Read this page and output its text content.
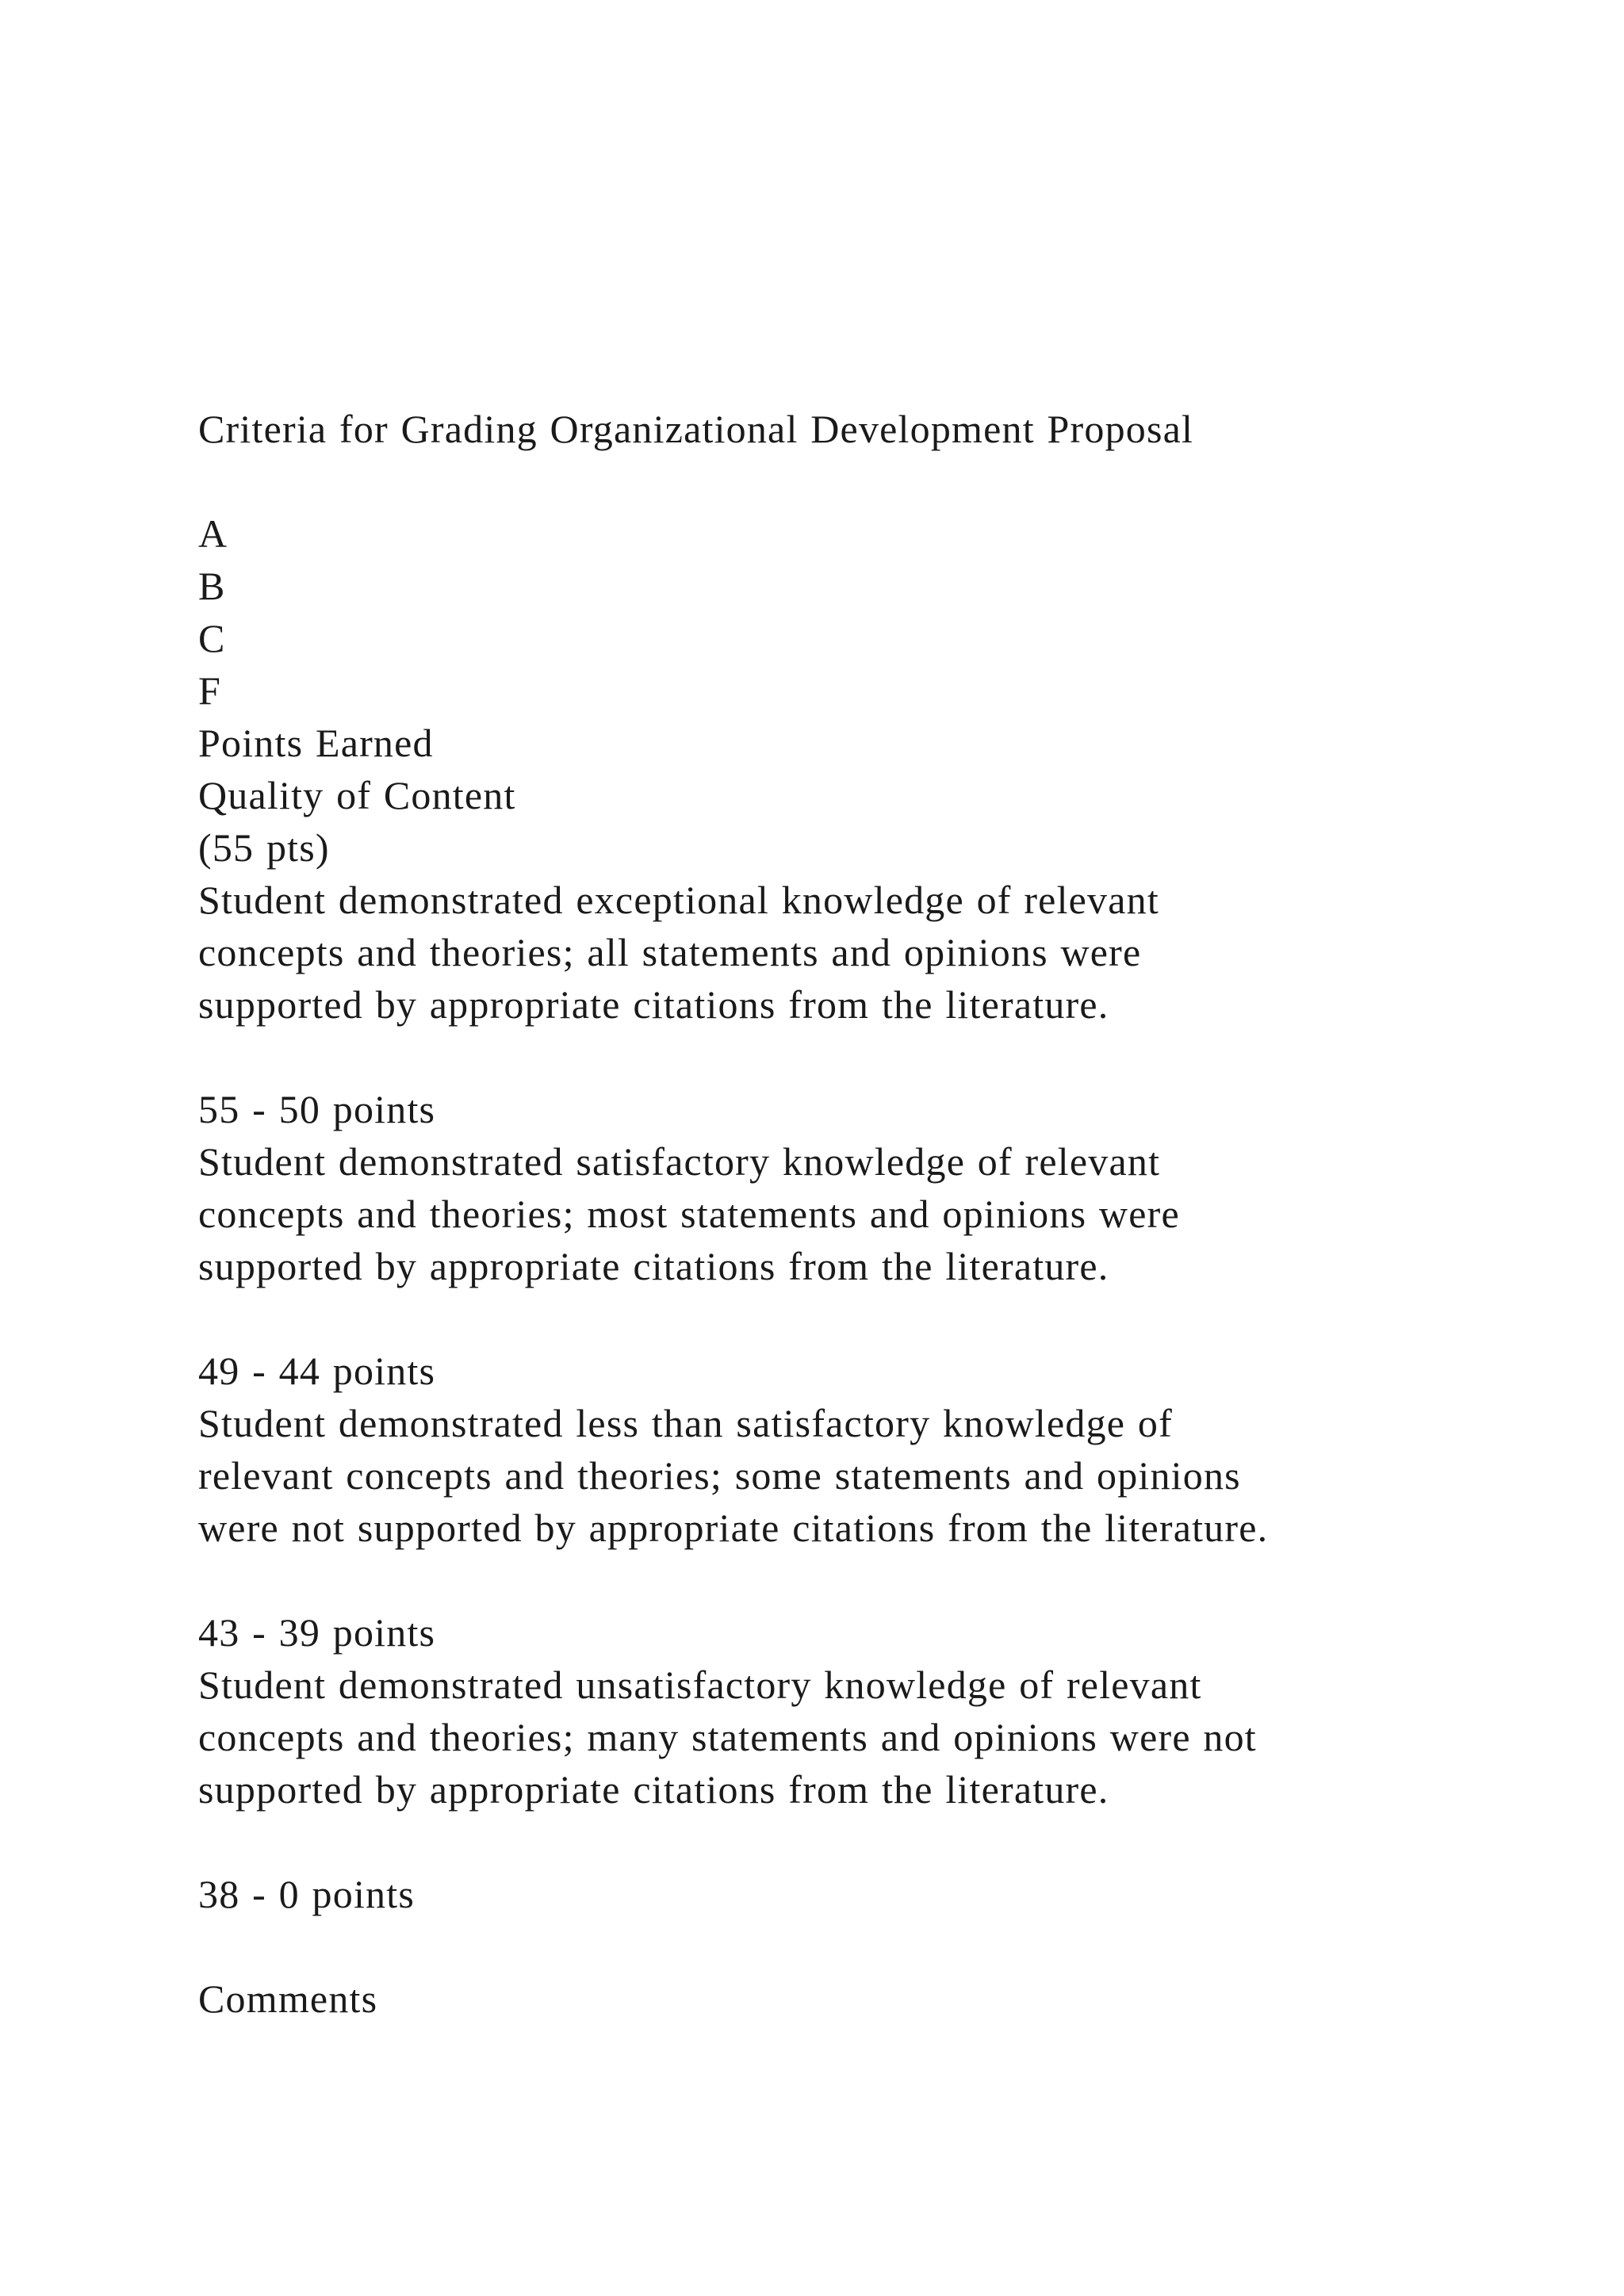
Criteria for Grading Organizational Development Proposal
A
B
C
F
Points Earned
Quality of Content
(55 pts)
Student demonstrated exceptional knowledge of relevant
concepts and theories; all statements and opinions were
supported by appropriate citations from the literature.
55 - 50 points
Student demonstrated satisfactory knowledge of relevant
concepts and theories; most statements and opinions were
supported by appropriate citations from the literature.
49 - 44 points
Student demonstrated less than satisfactory knowledge of
relevant concepts and theories; some statements and opinions
were not supported by appropriate citations from the literature.
43 - 39 points
Student demonstrated unsatisfactory knowledge of relevant
concepts and theories; many statements and opinions were not
supported by appropriate citations from the literature.
38 - 0 points
Comments
